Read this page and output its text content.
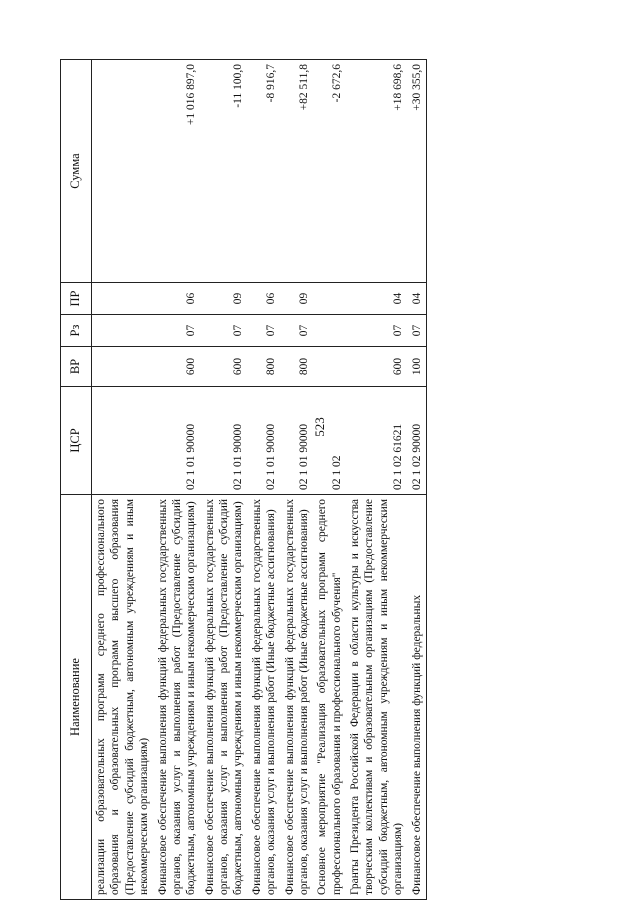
523
Наименование	ЦСР	ВР	Рз	ПР	Сумма
реализации образовательных программ среднего профессионального образования и образовательных программ высшего образования (Предоставление субсидий бюджетным, автономным учреждениям и иным некоммерческим организациям)					
Финансовое обеспечение выполнения функций федеральных государственных органов, оказания услуг и выполнения работ (Предоставление субсидий бюджетным, автономным учреждениям и иным некоммерческим организациям)	02 1 01 90000	600	07	06	+1 016 897,0
Финансовое обеспечение выполнения функций федеральных государственных органов, оказания услуг и выполнения работ (Предоставление субсидий бюджетным, автономным учреждениям и иным некоммерческим организациям)	02 1 01 90000	600	07	09	-11 100,0
Финансовое обеспечение выполнения функций федеральных государственных органов, оказания услуг и выполнения работ (Иные бюджетные ассигнования)	02 1 01 90000	800	07	06	-8 916,7
Финансовое обеспечение выполнения функций федеральных государственных органов, оказания услуг и выполнения работ (Иные бюджетные ассигнования)	02 1 01 90000	800	07	09	+82 511,8
Основное мероприятие "Реализация образовательных программ среднего профессионального образования и профессионального обучения"	02 1 02				-2 672,6
Гранты Президента Российской Федерации в области культуры и искусства творческим коллективам и образовательным организациям (Предоставление субсидий бюджетным, автономным учреждениям и иным некоммерческим организациям)	02 1 02 61621	600	07	04	+18 698,6
Финансовое обеспечение выполнения функций федеральных	02 1 02 90000	100	07	04	+30 355,0
